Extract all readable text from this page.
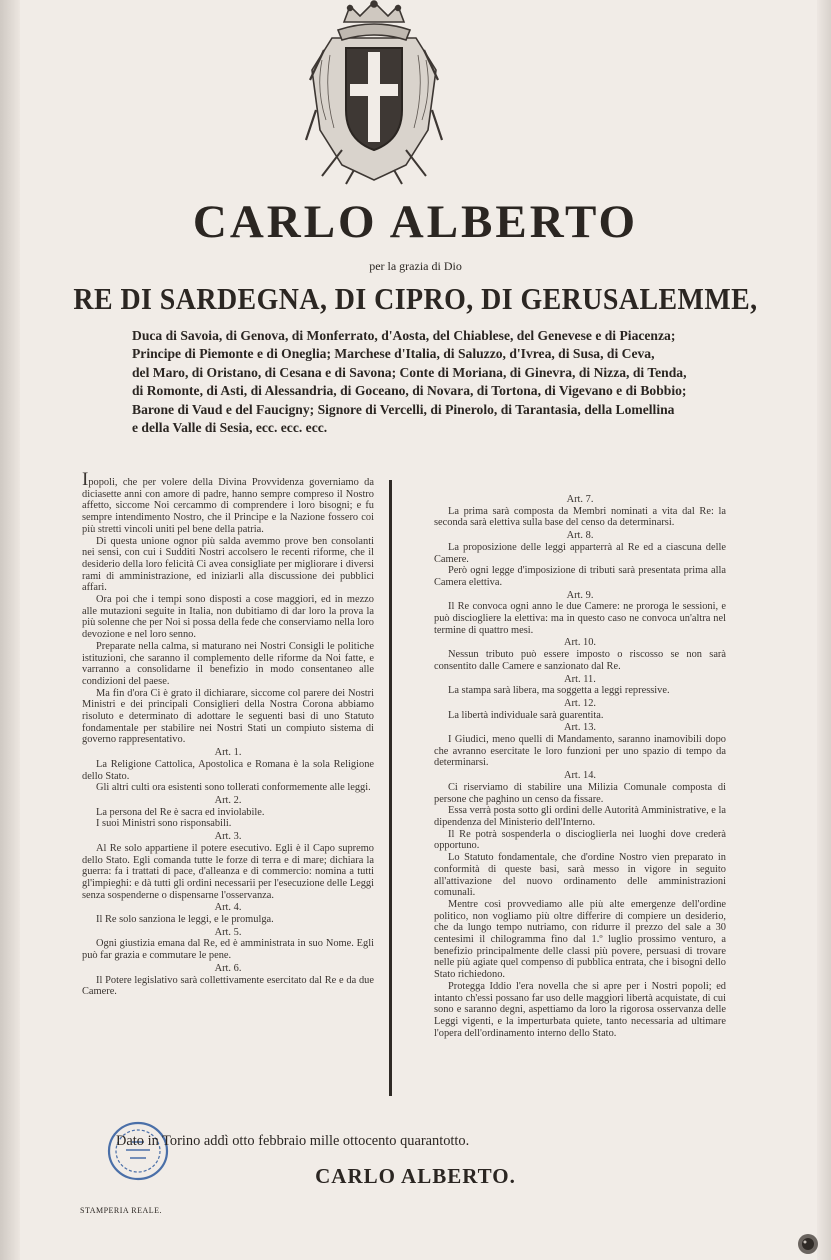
CARLO ALBERTO
per la grazia di Dio
RE DI SARDEGNA, DI CIPRO, DI GERUSALEMME,
Duca di Savoia, di Genova, di Monferrato, d'Aosta, del Chiablese, del Genevese e di Piacenza;
Principe di Piemonte e di Oneglia; Marchese d'Italia, di Saluzzo, d'Ivrea, di Susa, di Ceva,
del Maro, di Oristano, di Cesana e di Savona; Conte di Moriana, di Ginevra, di Nizza, di Tenda,
di Romonte, di Asti, di Alessandria, di Goceano, di Novara, di Tortona, di Vigevano e di Bobbio;
Barone di Vaud e del Faucigny; Signore di Vercelli, di Pinerolo, di Tarantasia, della Lomellina
e della Valle di Sesia, ecc. ecc. ecc.

Ipopoli, che per volere della Divina Provvidenza governiamo da diciasette anni con amore di padre, hanno sempre compreso il Nostro affetto, siccome Noi cercammo di comprendere i loro bisogni; e fu sempre intendimento Nostro, che il Principe e la Nazione fossero coi più stretti vincoli uniti pel bene della patria.

Di questa unione ognor più salda avemmo prove ben consolanti nei sensi, con cui i Sudditi Nostri accolsero le recenti riforme, che il desiderio della loro felicità Ci avea consigliate per migliorare i diversi rami di amministrazione, ed iniziarli alla discussione dei pubblici affari.

Ora poi che i tempi sono disposti a cose maggiori, ed in mezzo alle mutazioni seguite in Italia, non dubitiamo di dar loro la prova la più solenne che per Noi si possa della fede che conserviamo nella loro devozione e nel loro senno.

Preparate nella calma, si maturano nei Nostri Consigli le politiche istituzioni, che saranno il complemento delle riforme da Noi fatte, e varranno a consolidarne il benefizio in modo consentaneo alle condizioni del paese.

Ma fin d'ora Ci è grato il dichiarare, siccome col parere dei Nostri Ministri e dei principali Consiglieri della Nostra Corona abbiamo risoluto e determinato di adottare le seguenti basi di uno Statuto fondamentale per stabilire nei Nostri Stati un compiuto sistema di governo rappresentativo.

Art. 1.

La Religione Cattolica, Apostolica e Romana è la sola Religione dello Stato.

Gli altri culti ora esistenti sono tollerati conformemente alle leggi.

Art. 2.

La persona del Re è sacra ed inviolabile.

I suoi Ministri sono risponsabili.

Art. 3.

Al Re solo appartiene il potere esecutivo. Egli è il Capo supremo dello Stato. Egli comanda tutte le forze di terra e di mare; dichiara la guerra: fa i trattati di pace, d'alleanza e di commercio: nomina a tutti gl'impieghi: e dà tutti gli ordini necessarii per l'esecuzione delle Leggi senza sospenderne o dispensarne l'osservanza.

Art. 4.

Il Re solo sanziona le leggi, e le promulga.

Art. 5.

Ogni giustizia emana dal Re, ed è amministrata in suo Nome. Egli può far grazia e commutare le pene.

Art. 6.

Il Potere legislativo sarà collettivamente esercitato dal Re e da due Camere.

Art. 7.

La prima sarà composta da Membri nominati a vita dal Re: la seconda sarà elettiva sulla base del censo da determinarsi.

Art. 8.

La proposizione delle leggi apparterrà al Re ed a ciascuna delle Camere.

Però ogni legge d'imposizione di tributi sarà presentata prima alla Camera elettiva.

Art. 9.

Il Re convoca ogni anno le due Camere: ne proroga le sessioni, e può discioglierе la elettiva: ma in questo caso ne convoca un'altra nel termine di quattro mesi.

Art. 10.

Nessun tributo può essere imposto o riscosso se non sarà consentito dalle Camere e sanzionato dal Re.

Art. 11.

La stampa sarà libera, ma soggetta a leggi repressive.

Art. 12.

La libertà individuale sarà guarentita.

Art. 13.

I Giudici, meno quelli di Mandamento, saranno inamovibili dopo che avranno esercitate le loro funzioni per uno spazio di tempo da determinarsi.

Art. 14.

Ci riserviamo di stabilire una Milizia Comunale composta di persone che paghino un censo da fissare.

Essa verrà posta sotto gli ordini delle Autorità Amministrative, e la dipendenza del Ministerio dell'Interno.

Il Re potrà sospenderla o discioglierla nei luoghi dove crederà opportuno.

Lo Statuto fondamentale, che d'ordine Nostro vien preparato in conformità di queste basi, sarà messo in vigore in seguito all'attivazione del nuovo ordinamento delle amministrazioni comunali.

Mentre così provvediamo alle più alte emergenze dell'ordine politico, non vogliamo più oltre differire di compiere un desiderio, che da lungo tempo nutriamo, con ridurre il prezzo del sale a 30 centesimi il chilogramma fino dal 1.º luglio prossimo venturo, a benefizio principalmente delle classi più povere, persuasi di trovare nelle più agiate quel compenso di pubblica entrata, che i bisogni dello Stato richiedono.

Protegga Iddio l'era novella che si apre per i Nostri popoli; ed intanto ch'essi possano far uso delle maggiori libertà acquistate, di cui sono e saranno degni, aspettiamo da loro la rigorosa osservanza delle Leggi vigenti, e la imperturbata quiete, tanto necessaria ad ultimare l'opera dell'ordinamento interno dello Stato.

Dato in Torino addì otto febbraio mille ottocento quarantotto.
CARLO ALBERTO.
STAMPERIA REALE.
